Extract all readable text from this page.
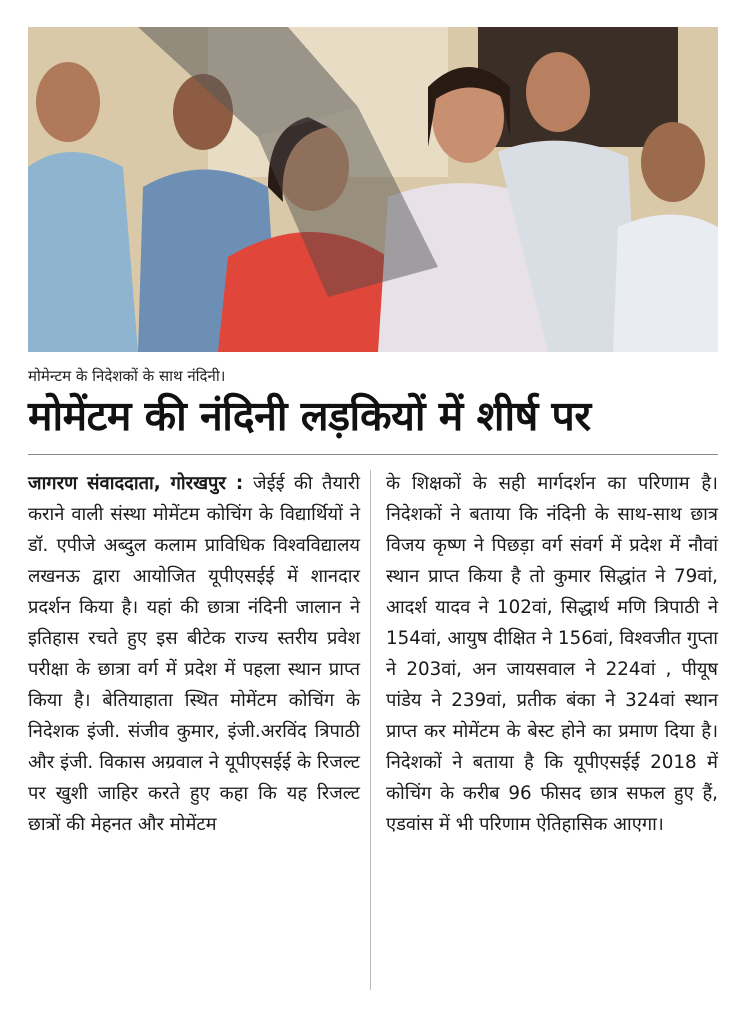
मोमेन्टम के निदेशकों के साथ नंदिनी।
मोमेंटम की नंदिनी लड़कियों में शीर्ष पर
जागरण संवाददाता, गोरखपुर : जेईई की तैयारी कराने वाली संस्था मोमेंटम कोचिंग के विद्यार्थियों ने डॉ. एपीजे अब्दुल कलाम प्राविधिक विश्वविद्यालय लखनऊ द्वारा आयोजित यूपीएसईई में शानदार प्रदर्शन किया है। यहां की छात्रा नंदिनी जालान ने इतिहास रचते हुए इस बीटेक राज्य स्तरीय प्रवेश परीक्षा के छात्रा वर्ग में प्रदेश में पहला स्थान प्राप्त किया है। बेतियाहाता स्थित मोमेंटम कोचिंग के निदेशक इंजी. संजीव कुमार, इंजी.अरविंद त्रिपाठी और इंजी. विकास अग्रवाल ने यूपीएसईई के रिजल्ट पर खुशी जाहिर करते हुए कहा कि यह रिजल्ट छात्रों की मेहनत और मोमेंटम
के शिक्षकों के सही मार्गदर्शन का परिणाम है। निदेशकों ने बताया कि नंदिनी के साथ-साथ छात्र विजय कृष्ण ने पिछड़ा वर्ग संवर्ग में प्रदेश में नौवां स्थान प्राप्त किया है तो कुमार सिद्धांत ने 79वां, आदर्श यादव ने 102वां, सिद्धार्थ मणि त्रिपाठी ने 154वां, आयुष दीक्षित ने 156वां, विश्वजीत गुप्ता ने 203वां, अन जायसवाल ने 224वां , पीयूष पांडेय ने 239वां, प्रतीक बंका ने 324वां स्थान प्राप्त कर मोमेंटम के बेस्ट होने का प्रमाण दिया है। निदेशकों ने बताया है कि यूपीएसईई 2018 में कोचिंग के करीब 96 फीसद छात्र सफल हुए हैं, एडवांस में भी परिणाम ऐतिहासिक आएगा।
